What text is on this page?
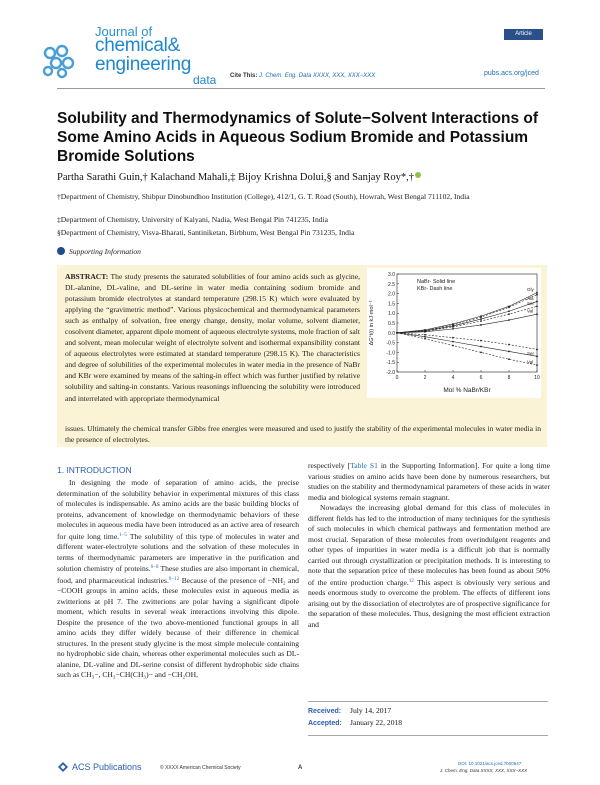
Journal of
chemical&
engineering
data Cite This: J. Chem. Eng. Data XXXX, XXX, XXX−XXX
Article
pubs.acs.org/jced
Solubility and Thermodynamics of Solute−Solvent Interactions of Some Amino Acids in Aqueous Sodium Bromide and Potassium Bromide Solutions
Partha Sarathi Guin,† Kalachand Mahali,‡ Bijoy Krishna Dolui,§ and Sanjay Roy*,†
†Department of Chemistry, Shibpur Dinobundhoo Institution (College), 412/1, G. T. Road (South), Howrah, West Bengal 711102, India
‡Department of Chemistry, University of Kalyani, Nadia, West Bengal Pin 741235, India
§Department of Chemistry, Visva-Bharati, Santiniketan, Birbhum, West Bengal Pin 731235, India
Supporting Information
ABSTRACT: The study presents the saturated solubilities of four amino acids such as glycine, DL-alanine, DL-valine, and DL-serine in water media containing sodium bromide and potassium bromide electrolytes at standard temperature (298.15 K) which were evaluated by applying the “gravimetric method”. Various physicochemical and thermodynamical parameters such as enthalpy of solvation, free energy change, density, molar volume, solvent diameter, cosolvent diameter, apparent dipole moment of aqueous electrolyte systems, mole fraction of salt and solvent, mean molecular weight of electrolyte solvent and isothermal expansibility constant of aqueous electrolytes were estimated at standard temperature (298.15 K). The characteristics and degree of solubilities of the experimental molecules in water media in the presence of NaBr and KBr were examined by means of the salting-in effect which was further justified by relative solubility and salting-in constants. Various reasonings influencing the solubility were introduced and interrelated with appropriate thermodynamical
issues. Ultimately the chemical transfer Gibbs free energies were measured and used to justify the stability of the experimental molecules in water media in the presence of electrolytes.
3.0
2.5
2.0
1.5
1.0
0.5
0.0
-0.5
-1.0
-1.5
-2.0
0	2	4	6	8	10
Gly
Ala
Val
Ser
Ser
Val
NaBr- Solid line
KBr- Dash line
ΔG°t(i) in kJ·mol⁻¹
Mol % NaBr/KBr
1. INTRODUCTION

In designing the mode of separation of amino acids, the precise determination of the solubility behavior in experimental mixtures of this class of molecules is indispensable. As amino acids are the basic building blocks of proteins, advancement of knowledge on thermodynamic behaviors of these molecules in aqueous media have been introduced as an active area of research for quite long time.$^{1-5}$ The solubility of this type of molecules in water and different water-electrolyte solutions and the solvation of these molecules in terms of thermodynamic parameters are imperative in the purification and solution chemistry of proteins.$^{6-8}$ These studies are also important in chemical, food, and pharmaceutical industries.$^{9-12}$ Because of the presence of −NH₂ and −COOH groups in amino acids, these molecules exist in aqueous media as zwitterions at pH 7. The zwitterions are polar having a significant dipole moment, which results in several weak interactions involving this dipole. Despite the presence of the two above-mentioned functional groups in all amino acids they differ widely because of their difference in chemical structures. In the present study glycine is the most simple molecule containing no hydrophobic side chain, whereas other experimental molecules such as DL-alanine, DL-valine and DL-serine consist of different hydrophobic side chains such as CH₃−, CH₃−CH(CH₃)− and −CH₂OH,

respectively [Table S1 in the Supporting Information]. For quite a long time various studies on amino acids have been done by numerous researchers, but studies on the stability and thermodynamical parameters of these acids in water media and biological systems remain stagnant.

Nowadays the increasing global demand for this class of molecules in different fields has led to the introduction of many techniques for the synthesis of such molecules in which chemical pathways and fermentation method are most crucial. Separation of these molecules from overindulgent reagents and other types of impurities in water media is a difficult job that is normally carried out through crystallization or precipitation methods. It is interesting to note that the separation price of these molecules has been found as about 50% of the entire production charge.$^{12}$ This aspect is obviously very serious and needs enormous study to overcome the problem. The effects of different ions arising out by the dissociation of electrolytes are of prospective significance for the separation of these molecules. Thus, designing the most efficient extraction and

Received: July 14, 2017
Accepted: January 22, 2018
ACS Publications	© XXXX American Chemical Society	A
DOI: 10.1021/acs.jced.7b00647
J. Chem. Eng. Data XXXX, XXX, XXX−XXX
